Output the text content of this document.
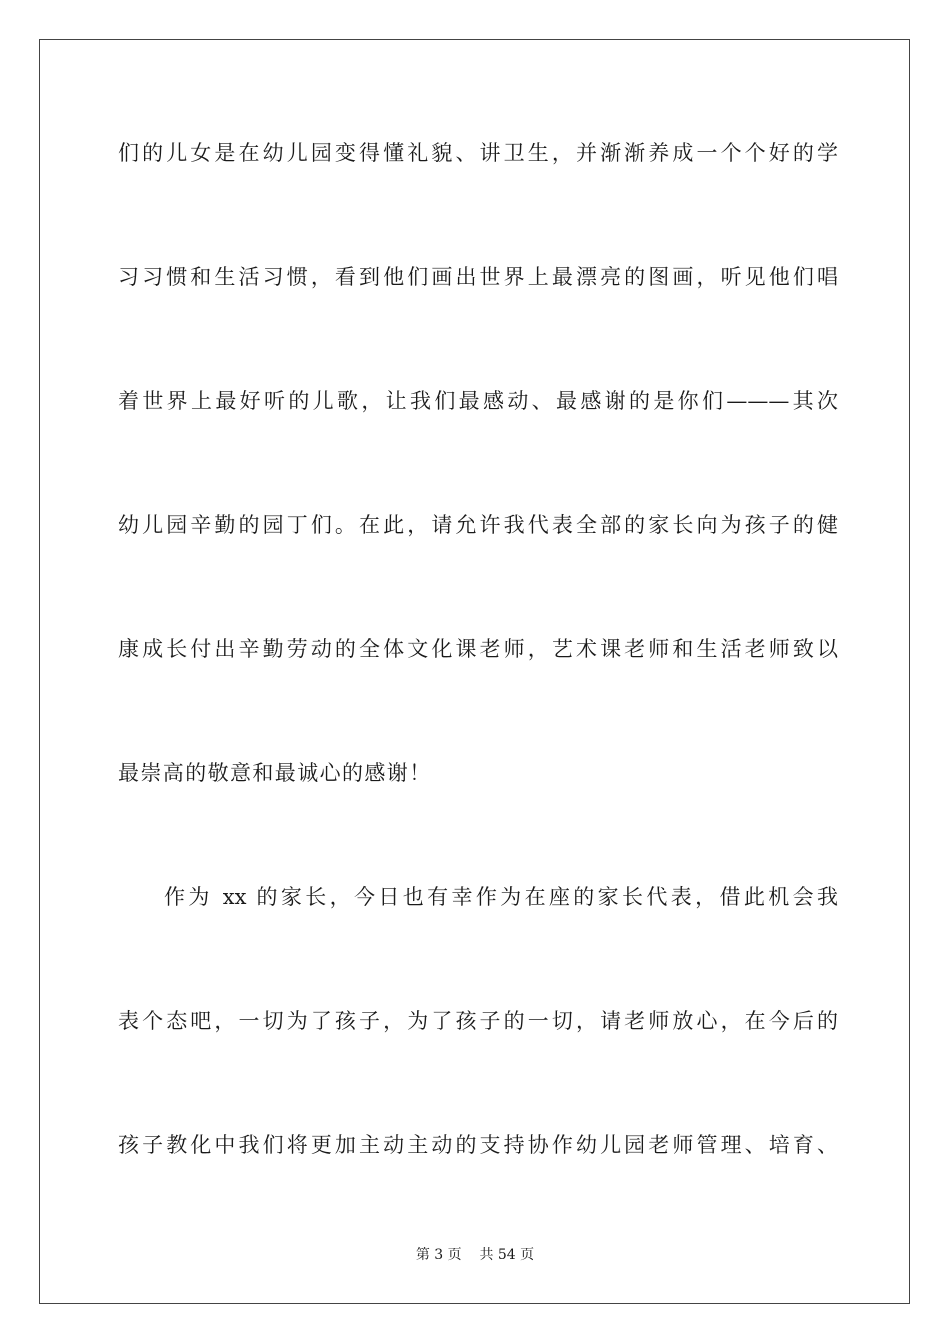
们的儿女是在幼儿园变得懂礼貌、讲卫生，并渐渐养成一个个好的学
习习惯和生活习惯，看到他们画出世界上最漂亮的图画，听见他们唱
着世界上最好听的儿歌，让我们最感动、最感谢的是你们———其次
幼儿园辛勤的园丁们。在此，请允许我代表全部的家长向为孩子的健
康成长付出辛勤劳动的全体文化课老师，艺术课老师和生活老师致以
最崇高的敬意和最诚心的感谢！
作为 xx 的家长，今日也有幸作为在座的家长代表，借此机会我
表个态吧，一切为了孩子，为了孩子的一切，请老师放心，在今后的
孩子教化中我们将更加主动主动的支持协作幼儿园老师管理、培育、
第 3 页 共 54 页
